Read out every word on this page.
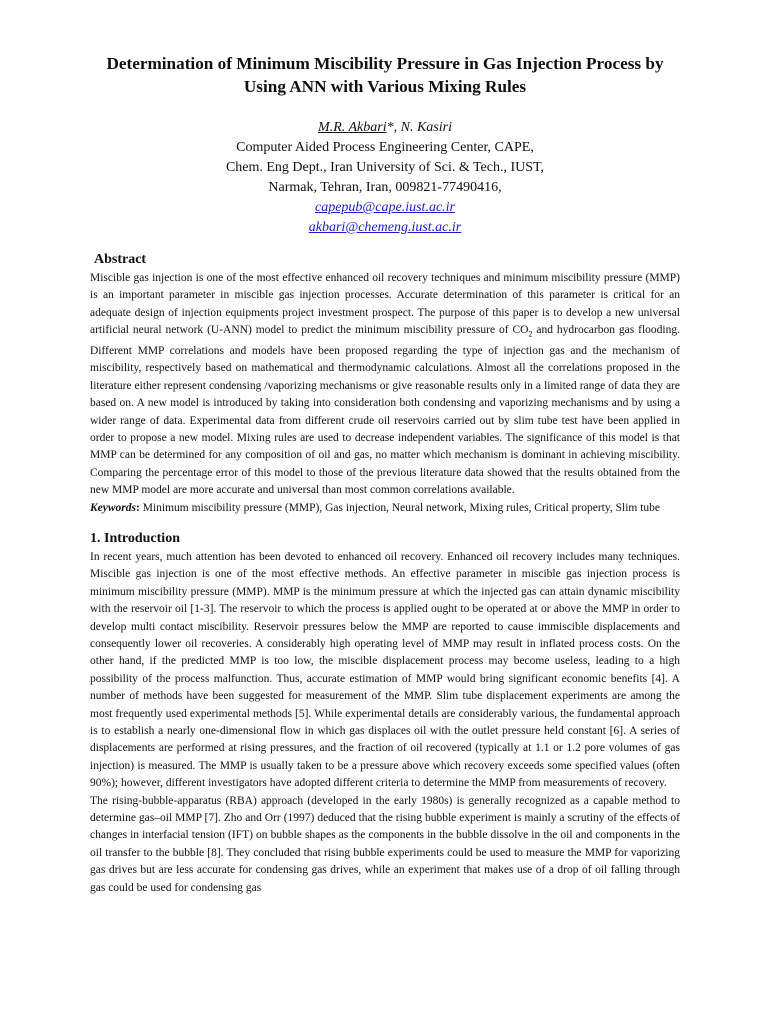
Determination of Minimum Miscibility Pressure in Gas Injection Process by Using ANN with Various Mixing Rules
M.R. Akbari*, N. Kasiri
Computer Aided Process Engineering Center, CAPE,
Chem. Eng Dept., Iran University of Sci. & Tech., IUST,
Narmak, Tehran, Iran, 009821-77490416,
capepub@cape.iust.ac.ir
akbari@chemeng.iust.ac.ir
Abstract

Miscible gas injection is one of the most effective enhanced oil recovery techniques and minimum miscibility pressure (MMP) is an important parameter in miscible gas injection processes. Accurate determination of this parameter is critical for an adequate design of injection equipments project investment prospect. The purpose of this paper is to develop a new universal artificial neural network (U-ANN) model to predict the minimum miscibility pressure of $CO_2$ and hydrocarbon gas flooding. Different MMP correlations and models have been proposed regarding the type of injection gas and the mechanism of miscibility, respectively based on mathematical and thermodynamic calculations. Almost all the correlations proposed in the literature either represent condensing /vaporizing mechanisms or give reasonable results only in a limited range of data they are based on. A new model is introduced by taking into consideration both condensing and vaporizing mechanisms and by using a wider range of data. Experimental data from different crude oil reservoirs carried out by slim tube test have been applied in order to propose a new model. Mixing rules are used to decrease independent variables. The significance of this model is that MMP can be determined for any composition of oil and gas, no matter which mechanism is dominant in achieving miscibility. Comparing the percentage error of this model to those of the previous literature data showed that the results obtained from the new MMP model are more accurate and universal than most common correlations available.

Keywords: Minimum miscibility pressure (MMP), Gas injection, Neural network, Mixing rules, Critical property, Slim tube

1. Introduction

In recent years, much attention has been devoted to enhanced oil recovery. Enhanced oil recovery includes many techniques. Miscible gas injection is one of the most effective methods. An effective parameter in miscible gas injection process is minimum miscibility pressure (MMP). MMP is the minimum pressure at which the injected gas can attain dynamic miscibility with the reservoir oil [1-3]. The reservoir to which the process is applied ought to be operated at or above the MMP in order to develop multi contact miscibility. Reservoir pressures below the MMP are reported to cause immiscible displacements and consequently lower oil recoveries. A considerably high operating level of MMP may result in inflated process costs. On the other hand, if the predicted MMP is too low, the miscible displacement process may become useless, leading to a high possibility of the process malfunction. Thus, accurate estimation of MMP would bring significant economic benefits [4]. A number of methods have been suggested for measurement of the MMP. Slim tube displacement experiments are among the most frequently used experimental methods [5]. While experimental details are considerably various, the fundamental approach is to establish a nearly one-dimensional flow in which gas displaces oil with the outlet pressure held constant [6]. A series of displacements are performed at rising pressures, and the fraction of oil recovered (typically at 1.1 or 1.2 pore volumes of gas injection) is measured. The MMP is usually taken to be a pressure above which recovery exceeds some specified values (often 90%); however, different investigators have adopted different criteria to determine the MMP from measurements of recovery.

The rising-bubble-apparatus (RBA) approach (developed in the early 1980s) is generally recognized as a capable method to determine gas–oil MMP [7]. Zho and Orr (1997) deduced that the rising bubble experiment is mainly a scrutiny of the effects of changes in interfacial tension (IFT) on bubble shapes as the components in the bubble dissolve in the oil and components in the oil transfer to the bubble [8]. They concluded that rising bubble experiments could be used to measure the MMP for vaporizing gas drives but are less accurate for condensing gas drives, while an experiment that makes use of a drop of oil falling through gas could be used for condensing gas
